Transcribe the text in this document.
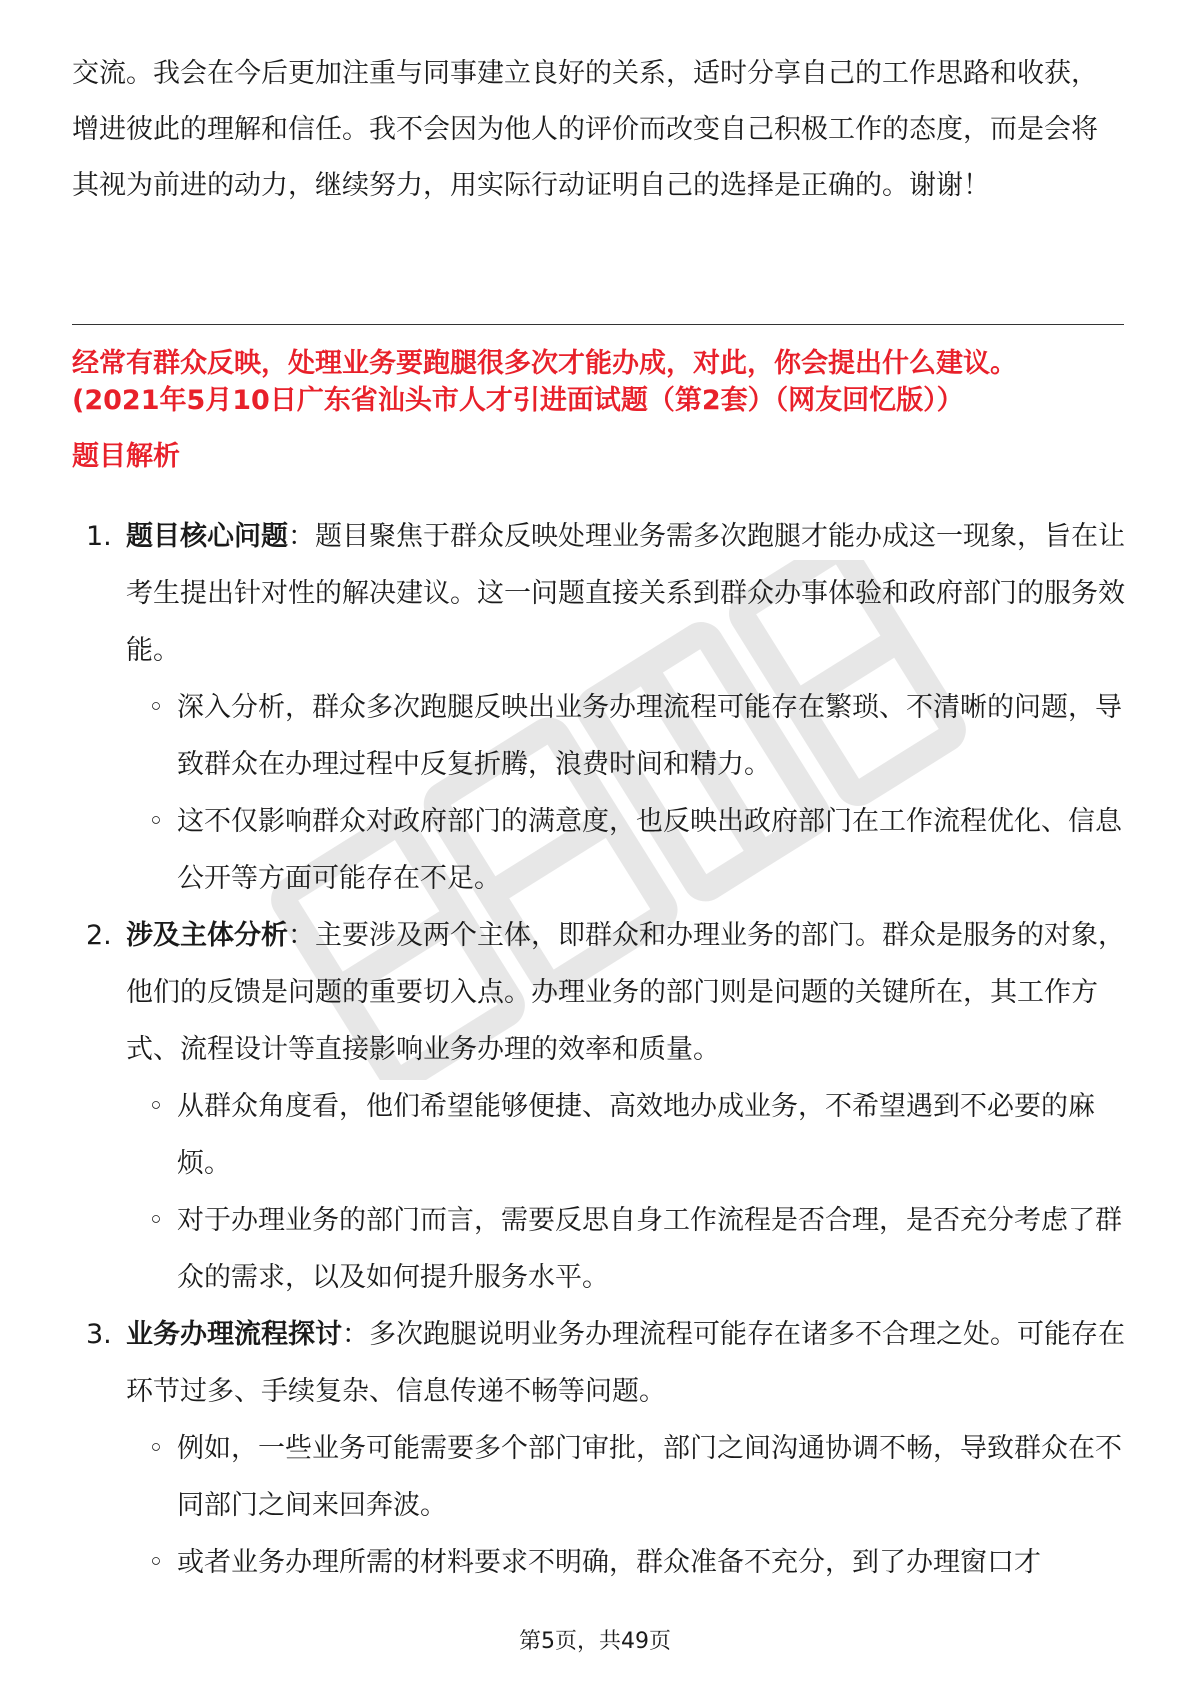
交流。我会在今后更加注重与同事建立良好的关系，适时分享自己的工作思路和收获，增进彼此的理解和信任。我不会因为他人的评价而改变自己积极工作的态度，而是会将其视为前进的动力，继续努力，用实际行动证明自己的选择是正确的。谢谢！

经常有群众反映，处理业务要跑腿很多次才能办成，对此，你会提出什么建议。
(2021年5月10日广东省汕头市人才引进面试题（第2套）（网友回忆版））
题目解析
1. 题目核心问题：题目聚焦于群众反映处理业务需多次跑腿才能办成这一现象，旨在让考生提出针对性的解决建议。这一问题直接关系到群众办事体验和政府部门的服务效能。
◦ 深入分析，群众多次跑腿反映出业务办理流程可能存在繁琐、不清晰的问题，导致群众在办理过程中反复折腾，浪费时间和精力。
◦ 这不仅影响群众对政府部门的满意度，也反映出政府部门在工作流程优化、信息公开等方面可能存在不足。
2. 涉及主体分析：主要涉及两个主体，即群众和办理业务的部门。群众是服务的对象，他们的反馈是问题的重要切入点。办理业务的部门则是问题的关键所在，其工作方式、流程设计等直接影响业务办理的效率和质量。
◦ 从群众角度看，他们希望能够便捷、高效地办成业务，不希望遇到不必要的麻烦。
◦ 对于办理业务的部门而言，需要反思自身工作流程是否合理，是否充分考虑了群众的需求，以及如何提升服务水平。
3. 业务办理流程探讨：多次跑腿说明业务办理流程可能存在诸多不合理之处。可能存在环节过多、手续复杂、信息传递不畅等问题。
◦ 例如，一些业务可能需要多个部门审批，部门之间沟通协调不畅，导致群众在不同部门之间来回奔波。
◦ 或者业务办理所需的材料要求不明确，群众准备不充分，到了办理窗口才
第5页，共49页
